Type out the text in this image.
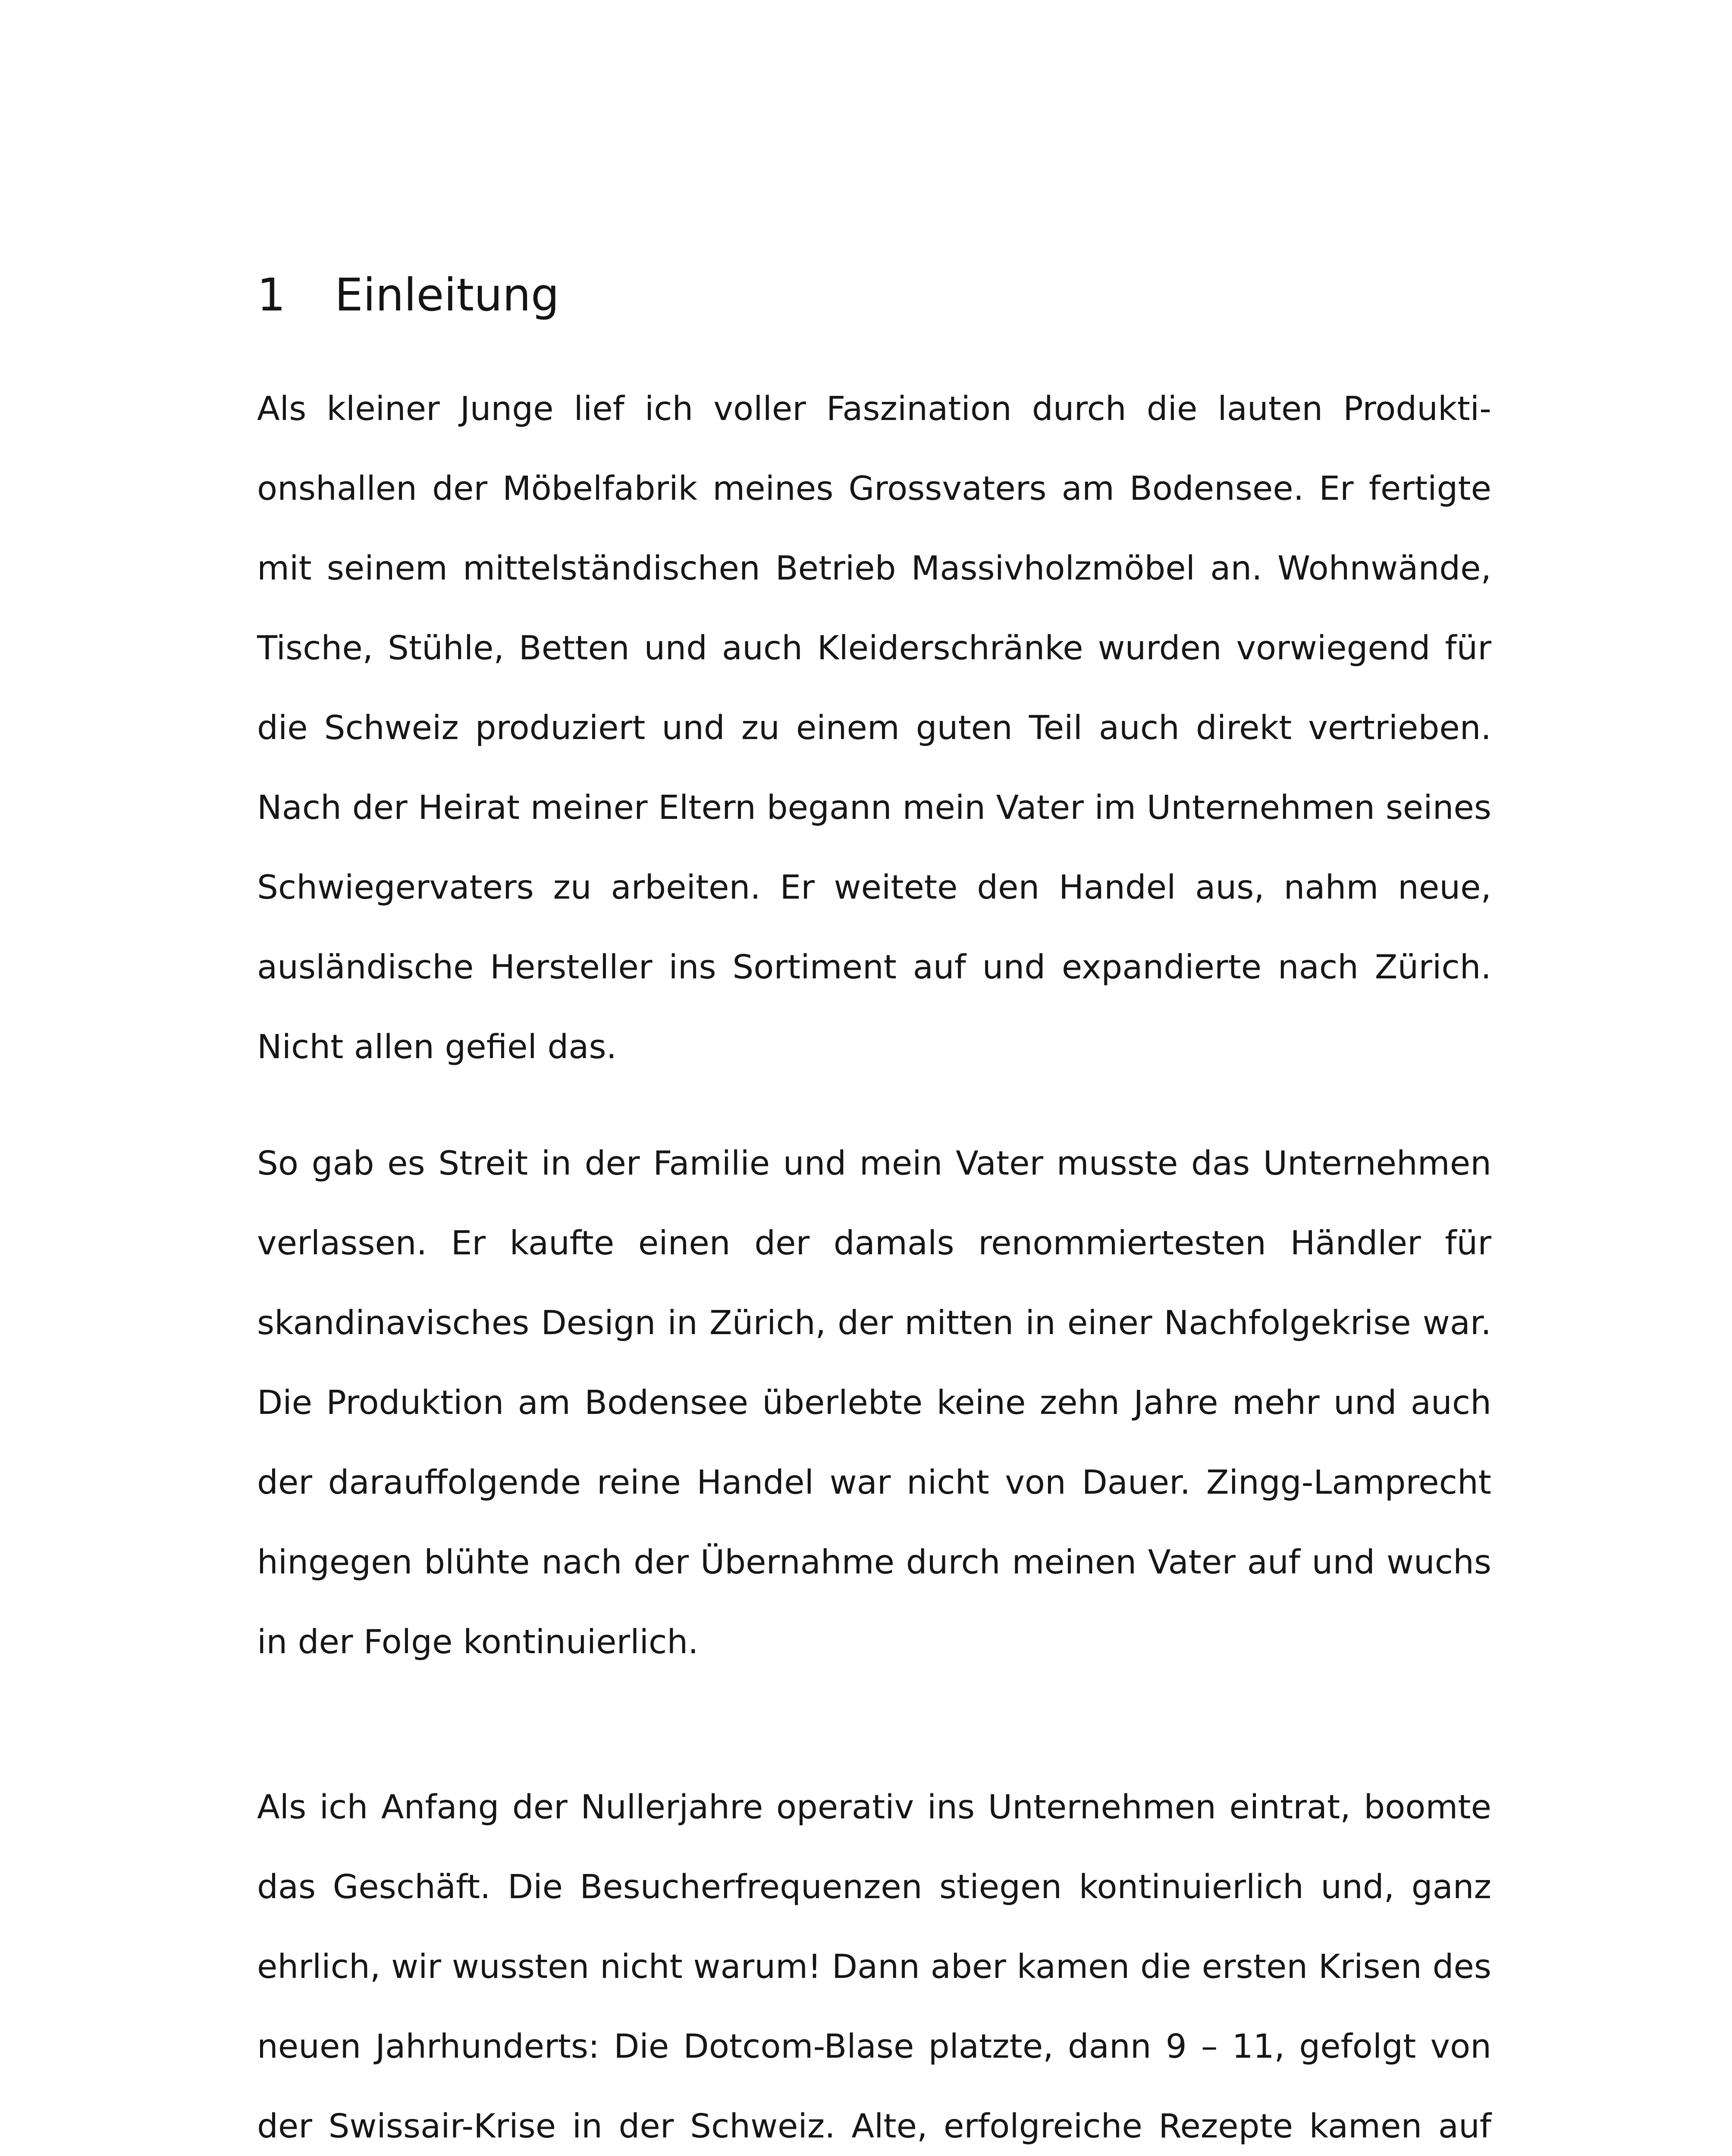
1 Einleitung

Als kleiner Junge lief ich voller Faszination durch die lauten Produktionshallen der Möbelfabrik meines Grossvaters am Bodensee. Er fertigte mit seinem mittelständischen Betrieb Massivholzmöbel an. Wohnwände, Tische, Stühle, Betten und auch Kleiderschränke wurden vorwiegend für die Schweiz produziert und zu einem guten Teil auch direkt vertrieben. Nach der Heirat meiner Eltern begann mein Vater im Unternehmen seines Schwiegervaters zu arbeiten. Er weitete den Handel aus, nahm neue, ausländische Hersteller ins Sortiment auf und expandierte nach Zürich. Nicht allen gefiel das.

So gab es Streit in der Familie und mein Vater musste das Unternehmen verlassen. Er kaufte einen der damals renommiertesten Händler für skandinavisches Design in Zürich, der mitten in einer Nachfolgekrise war. Die Produktion am Bodensee überlebte keine zehn Jahre mehr und auch der darauffolgende reine Handel war nicht von Dauer. Zingg-Lamprecht hingegen blühte nach der Übernahme durch meinen Vater auf und wuchs in der Folge kontinuierlich.

Als ich Anfang der Nullerjahre operativ ins Unternehmen eintrat, boomte das Geschäft. Die Besucherfrequenzen stiegen kontinuierlich und, ganz ehrlich, wir wussten nicht warum! Dann aber kamen die ersten Krisen des neuen Jahrhunderts: Die Dotcom-Blase platzte, dann 9 – 11, gefolgt von der Swissair-Krise in der Schweiz. Alte, erfolgreiche Rezepte kamen auf
